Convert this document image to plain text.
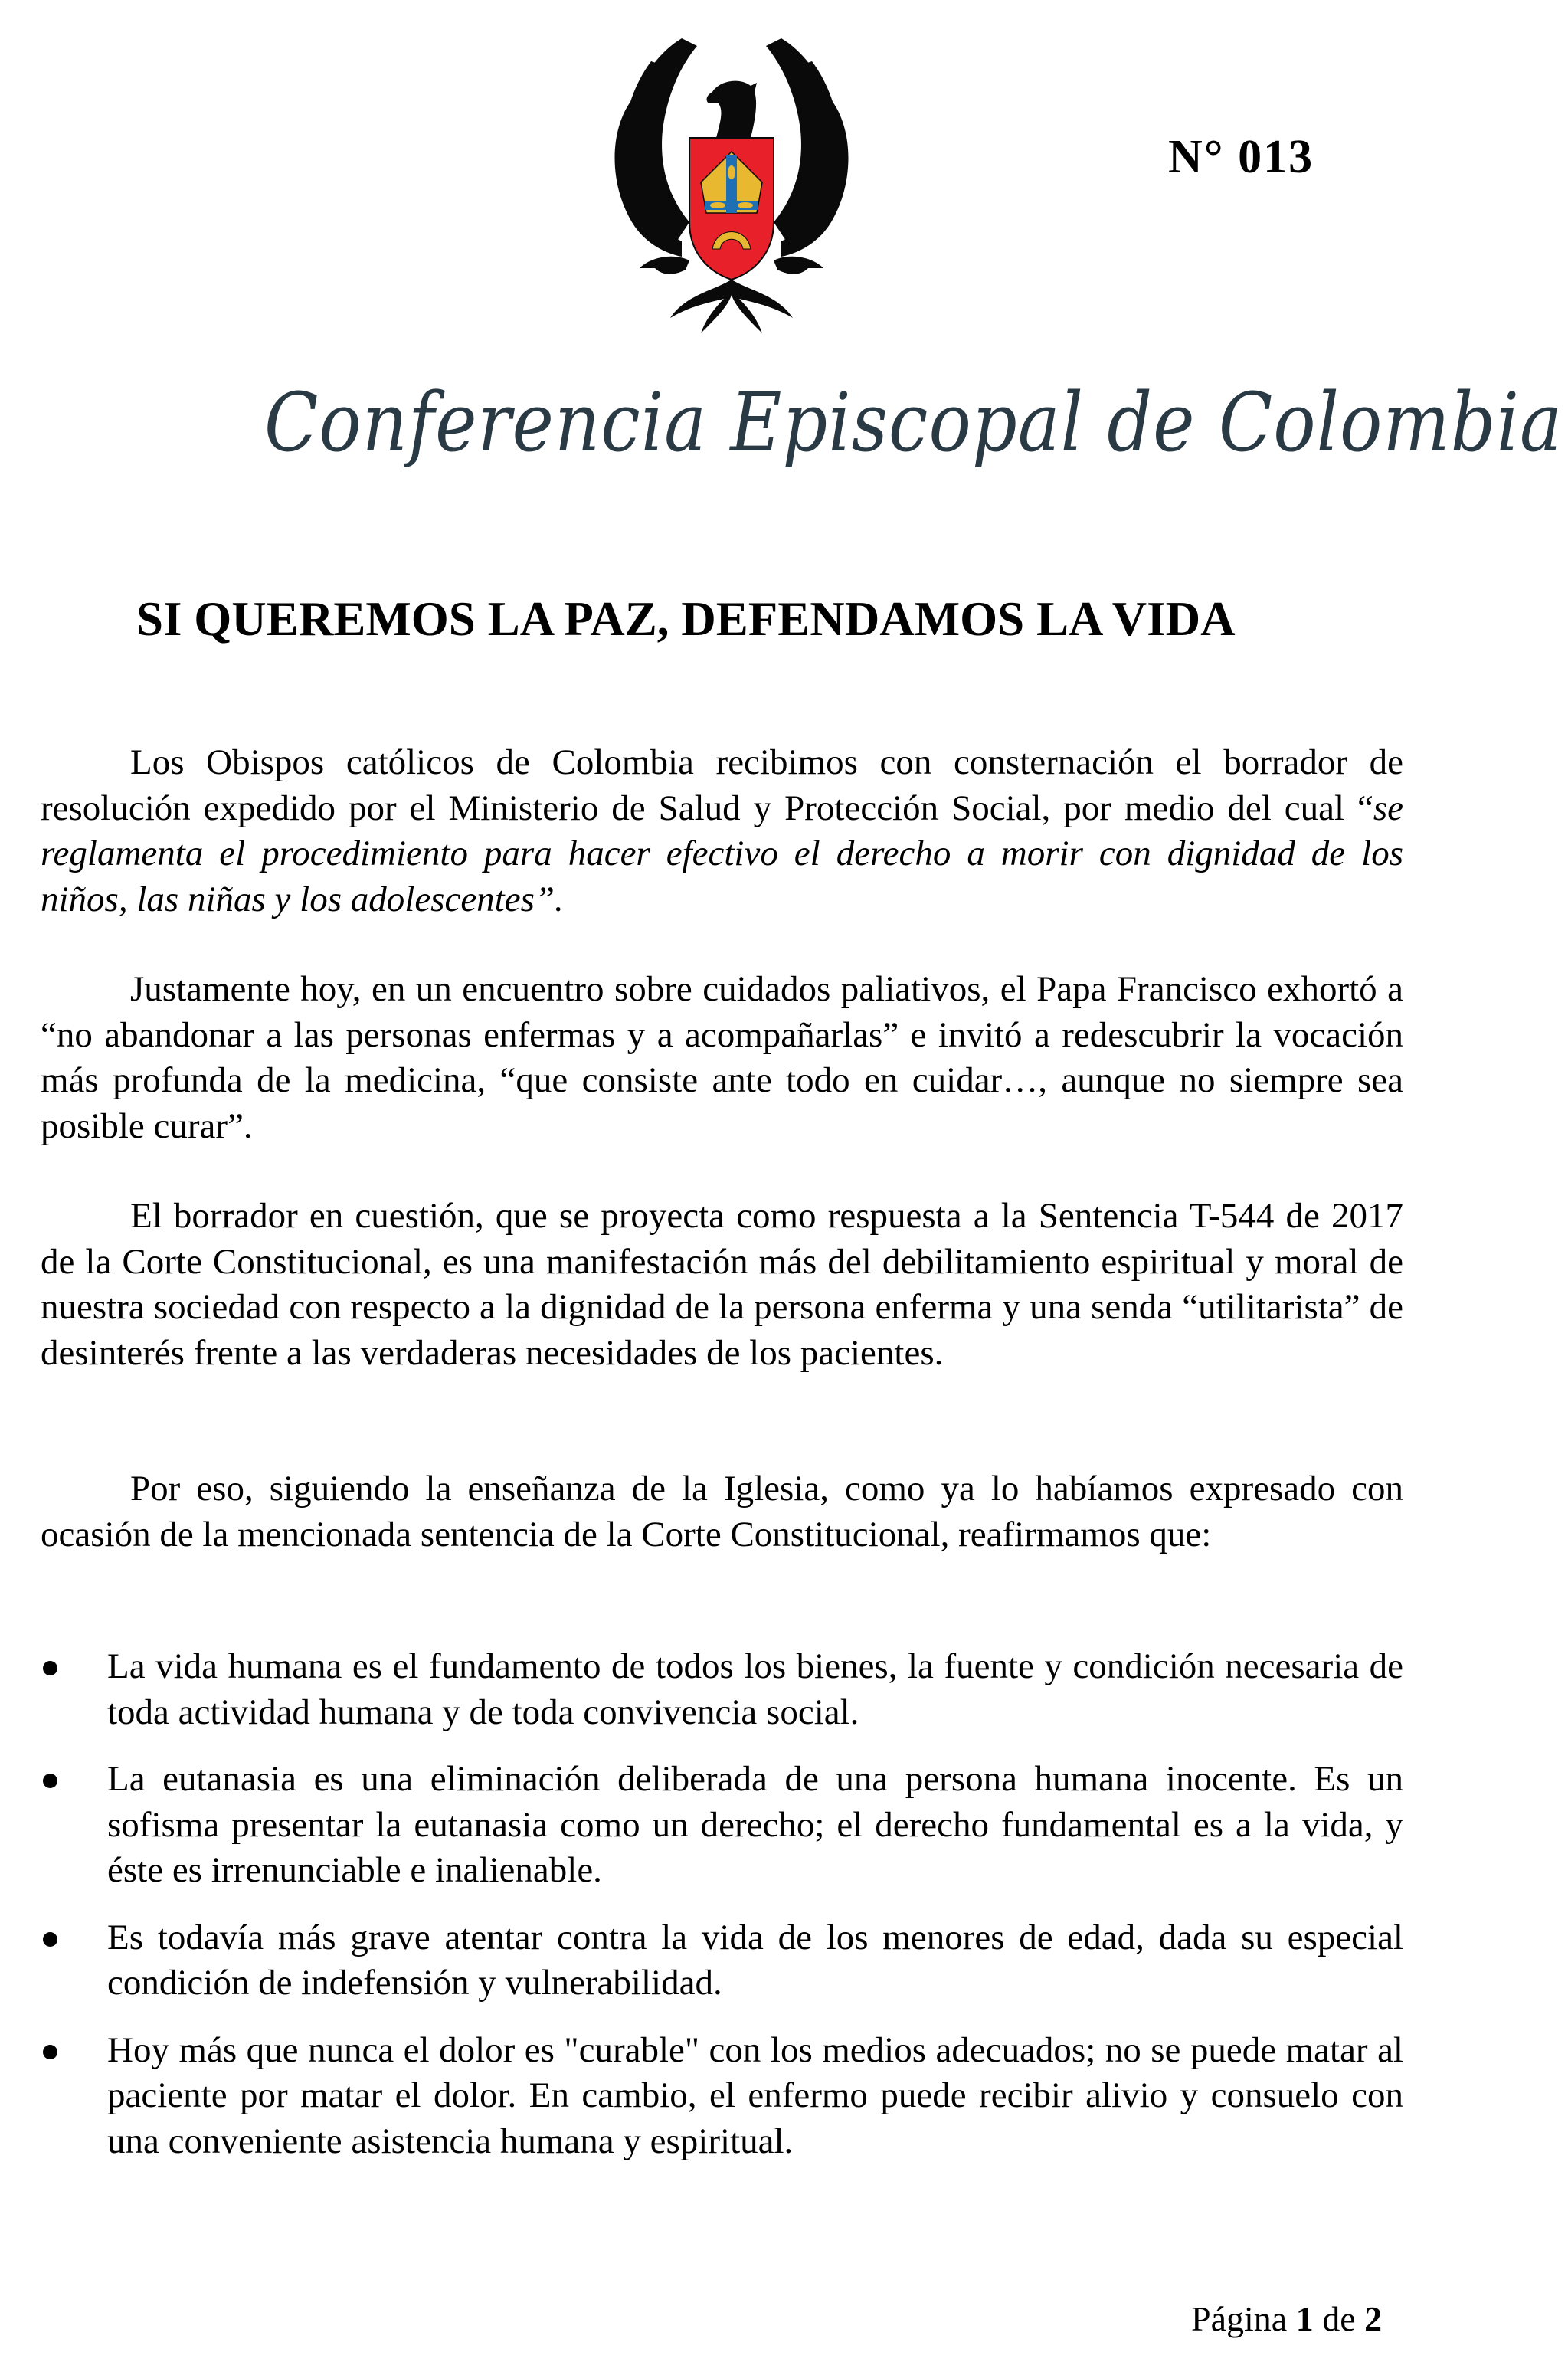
N° 013
Conferencia Episcopal de Colombia
SI QUEREMOS LA PAZ, DEFENDAMOS LA VIDA

Los Obispos católicos de Colombia recibimos con consternación el borrador de resolución expedido por el Ministerio de Salud y Protección Social, por medio del cual “se reglamenta el procedimiento para hacer efectivo el derecho a morir con dignidad de los niños, las niñas y los adolescentes”.

Justamente hoy, en un encuentro sobre cuidados paliativos, el Papa Francisco exhortó a “no abandonar a las personas enfermas y a acompañarlas” e invitó a redescubrir la vocación más profunda de la medicina, “que consiste ante todo en cuidar…, aunque no siempre sea posible curar”.

El borrador en cuestión, que se proyecta como respuesta a la Sentencia T-544 de 2017 de la Corte Constitucional, es una manifestación más del debilitamiento espiritual y moral de nuestra sociedad con respecto a la dignidad de la persona enferma y una senda “utilitarista” de desinterés frente a las verdaderas necesidades de los pacientes.

Por eso, siguiendo la enseñanza de la Iglesia, como ya lo habíamos expresado con ocasión de la mencionada sentencia de la Corte Constitucional, reafirmamos que:

La vida humana es el fundamento de todos los bienes, la fuente y condición necesaria de toda actividad humana y de toda convivencia social.
La eutanasia es una eliminación deliberada de una persona humana inocente. Es un sofisma presentar la eutanasia como un derecho; el derecho fundamental es a la vida, y éste es irrenunciable e inalienable.
Es todavía más grave atentar contra la vida de los menores de edad, dada su especial condición de indefensión y vulnerabilidad.
Hoy más que nunca el dolor es "curable" con los medios adecuados; no se puede matar al paciente por matar el dolor. En cambio, el enfermo puede recibir alivio y consuelo con una conveniente asistencia humana y espiritual.
Página 1 de 2
